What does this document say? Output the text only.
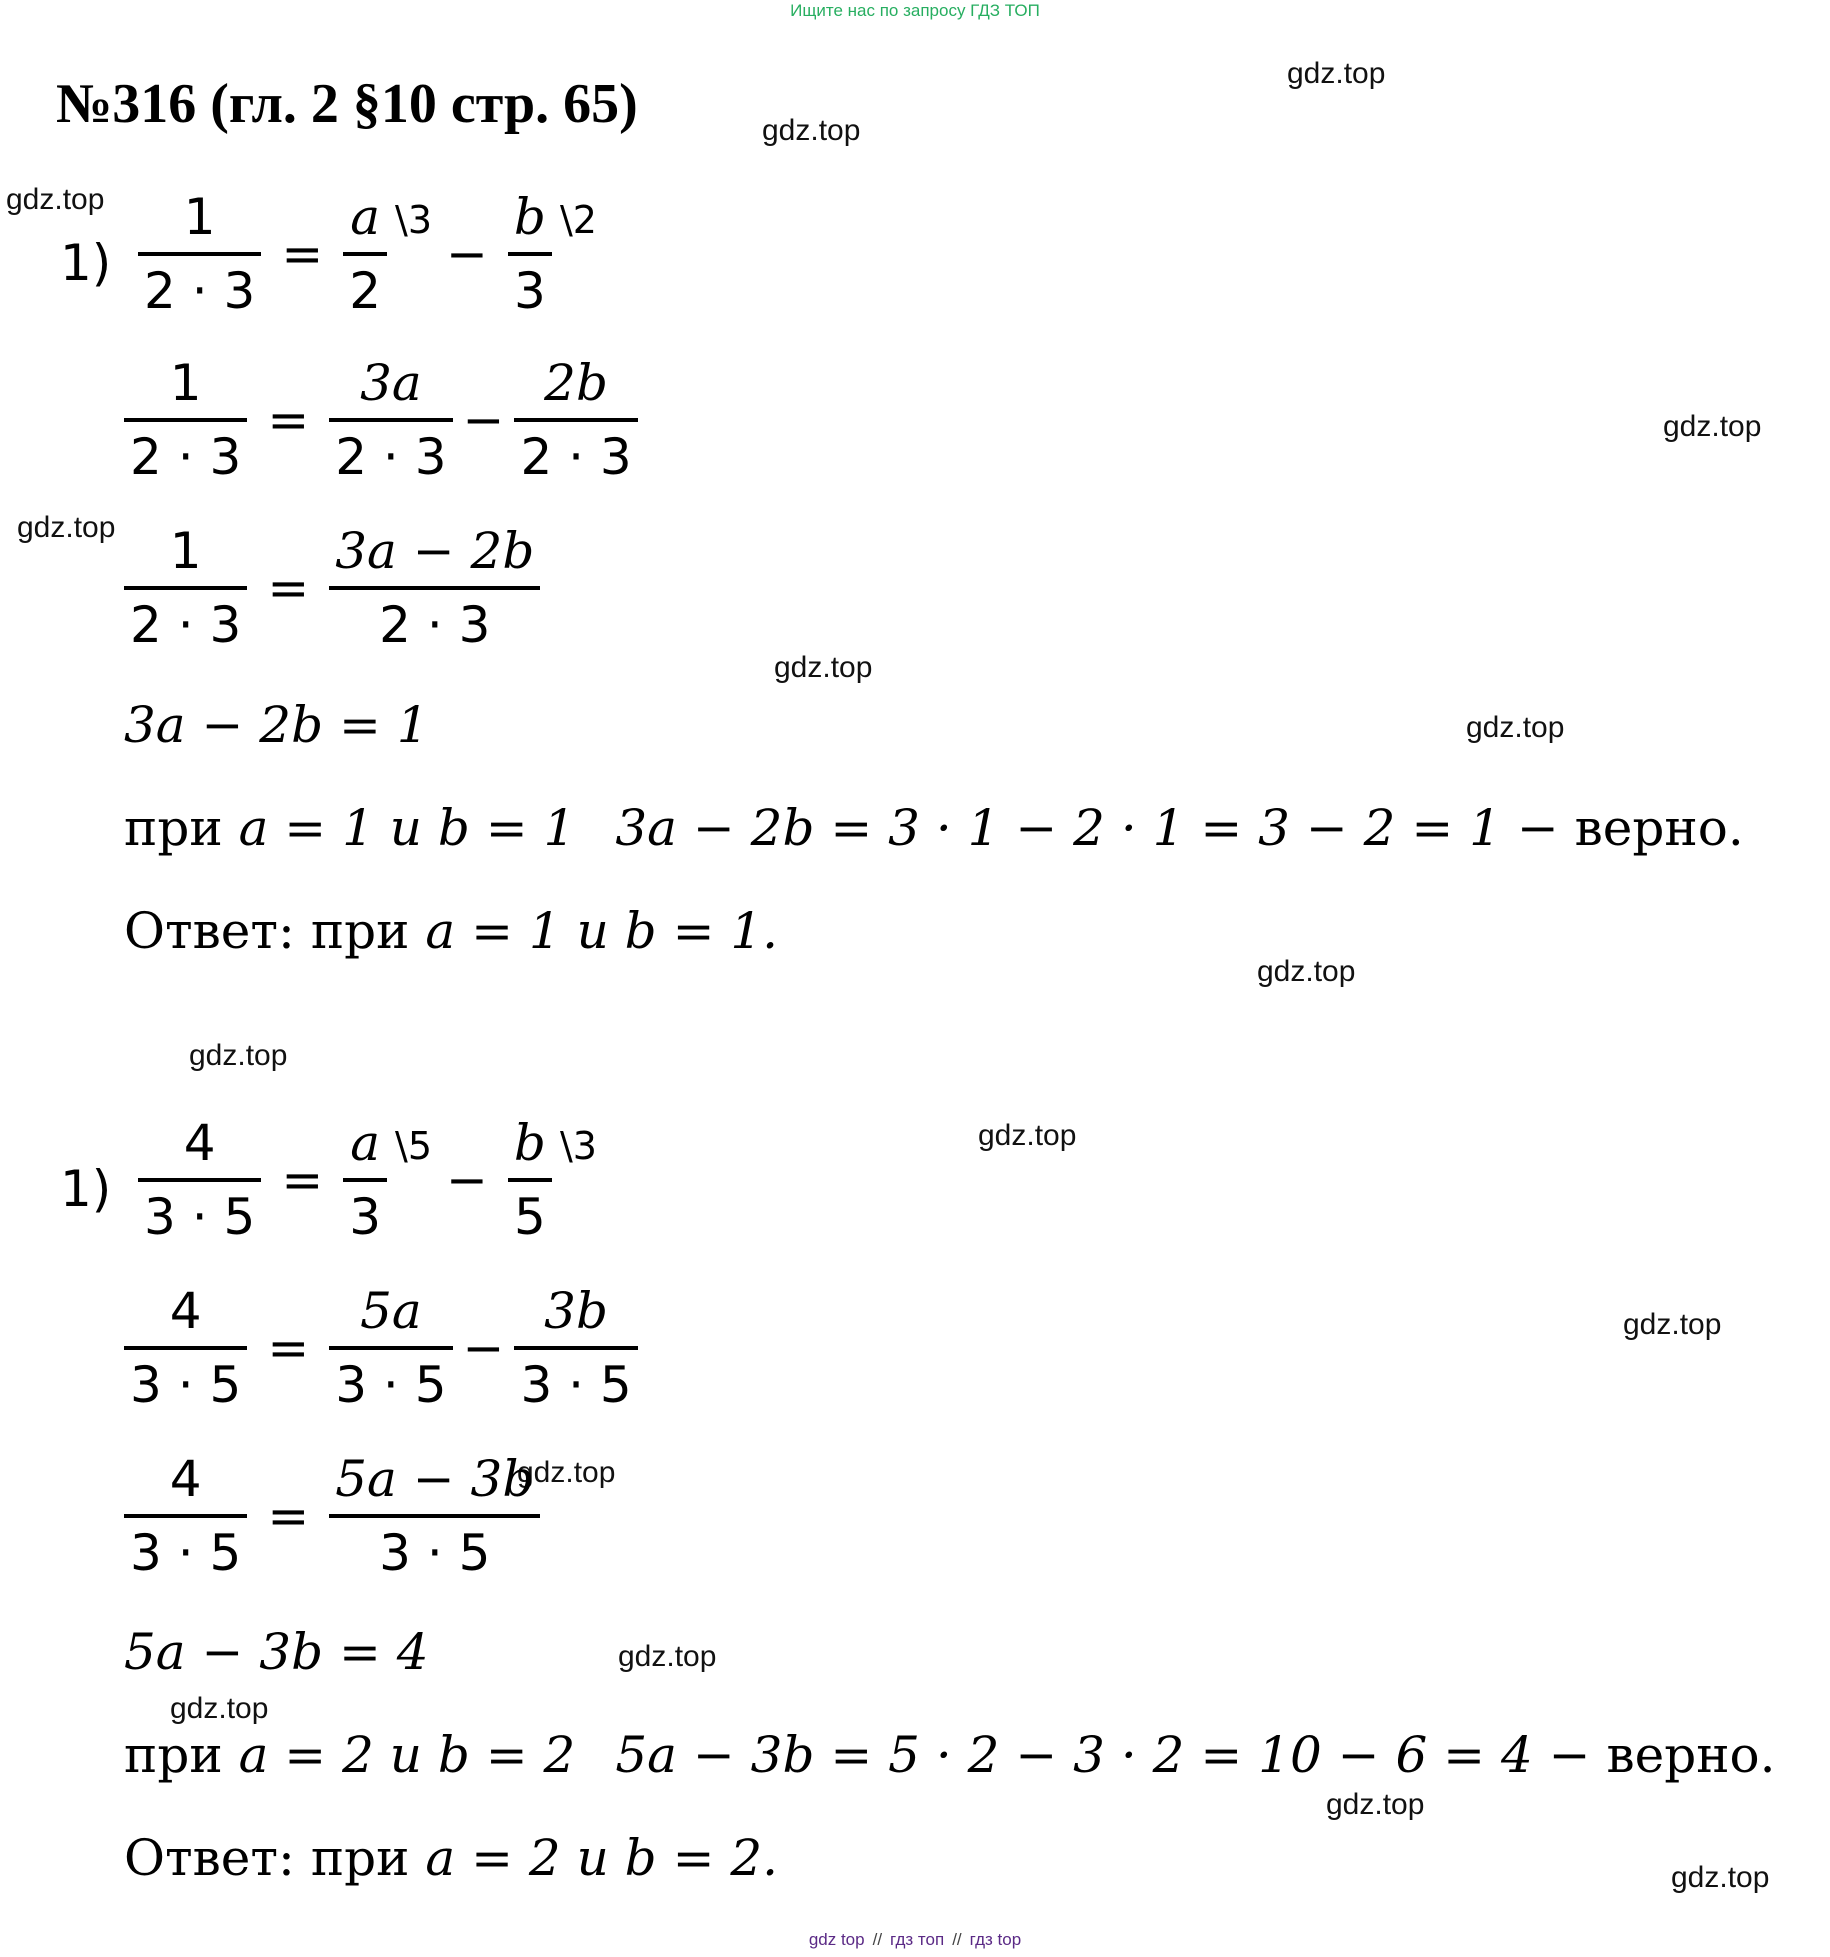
Ищите нас по запросу ГДЗ ТОП
№316 (гл. 2 §10 стр. 65)	gdz.top
gdz.top
gdz.top
gdz.top
gdz.top
gdz.top
gdz.top
gdz.top
gdz.top
gdz.top
gdz.top
gdz.top
gdz.top
gdz.top
gdz.top
gdz.top
$1) \frac{1}{2 \cdot 3} = \frac{a}{2}$ \3
− $\frac{b}{3}$ \2
$\frac{1}{2 \cdot 3} = \frac{3a}{2 \cdot 3} - \frac{2b}{2 \cdot 3}$
$\frac{1}{2 \cdot 3} = \frac{3a - 2b}{2 \cdot 3}$
3a − 2b = 1
при a = 1 и b = 1 3a − 2b = 3 · 1 − 2 · 1 = 3 − 2 = 1 − верно.
Ответ: при a = 1 и b = 1.
$1) \frac{4}{3 \cdot 5} = \frac{a}{3}$ \5
− $\frac{b}{5}$ \3
$\frac{4}{3 \cdot 5} = \frac{5a}{3 \cdot 5} - \frac{3b}{3 \cdot 5}$
$\frac{4}{3 \cdot 5} = \frac{5a - 3b}{3 \cdot 5}$
5a − 3b = 4
при a = 2 и b = 2 5a − 3b = 5 · 2 − 3 · 2 = 10 − 6 = 4 − верно.
Ответ: при a = 2 и b = 2.
gdz top // гдз топ // гдз top
